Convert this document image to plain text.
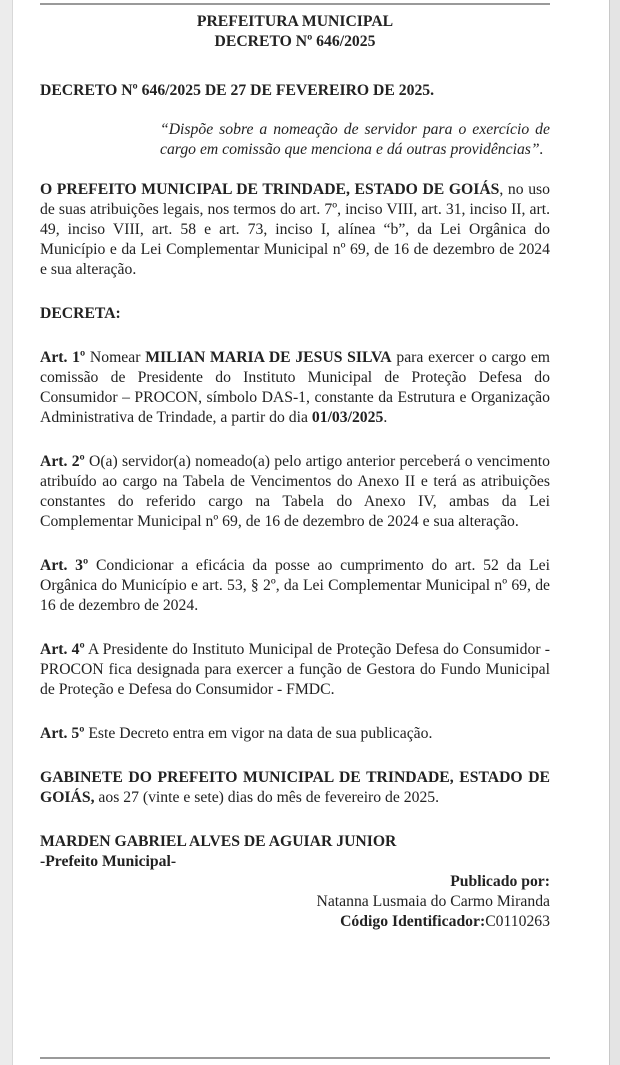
PREFEITURA MUNICIPAL
DECRETO Nº 646/2025

DECRETO Nº 646/2025 DE 27 DE FEVEREIRO DE 2025.

“Dispõe sobre a nomeação de servidor para o exercício de cargo em comissão que menciona e dá outras providências”.

O PREFEITO MUNICIPAL DE TRINDADE, ESTADO DE GOIÁS, no uso de suas atribuições legais, nos termos do art. 7º, inciso VIII, art. 31, inciso II, art. 49, inciso VIII, art. 58 e art. 73, inciso I, alínea “b”, da Lei Orgânica do Município e da Lei Complementar Municipal nº 69, de 16 de dezembro de 2024 e sua alteração.

DECRETA:

Art. 1º Nomear MILIAN MARIA DE JESUS SILVA para exercer o cargo em comissão de Presidente do Instituto Municipal de Proteção Defesa do Consumidor – PROCON, símbolo DAS-1, constante da Estrutura e Organização Administrativa de Trindade, a partir do dia 01/03/2025.

Art. 2º O(a) servidor(a) nomeado(a) pelo artigo anterior perceberá o vencimento atribuído ao cargo na Tabela de Vencimentos do Anexo II e terá as atribuições constantes do referido cargo na Tabela do Anexo IV, ambas da Lei Complementar Municipal nº 69, de 16 de dezembro de 2024 e sua alteração.

Art. 3º Condicionar a eficácia da posse ao cumprimento do art. 52 da Lei Orgânica do Município e art. 53, § 2º, da Lei Complementar Municipal nº 69, de 16 de dezembro de 2024.

Art. 4º A Presidente do Instituto Municipal de Proteção Defesa do Consumidor - PROCON fica designada para exercer a função de Gestora do Fundo Municipal de Proteção e Defesa do Consumidor - FMDC.

Art. 5º Este Decreto entra em vigor na data de sua publicação.

GABINETE DO PREFEITO MUNICIPAL DE TRINDADE, ESTADO DE GOIÁS, aos 27 (vinte e sete) dias do mês de fevereiro de 2025.

MARDEN GABRIEL ALVES DE AGUIAR JUNIOR
-Prefeito Municipal-

Publicado por:

Natanna Lusmaia do Carmo Miranda

Código Identificador:C0110263
